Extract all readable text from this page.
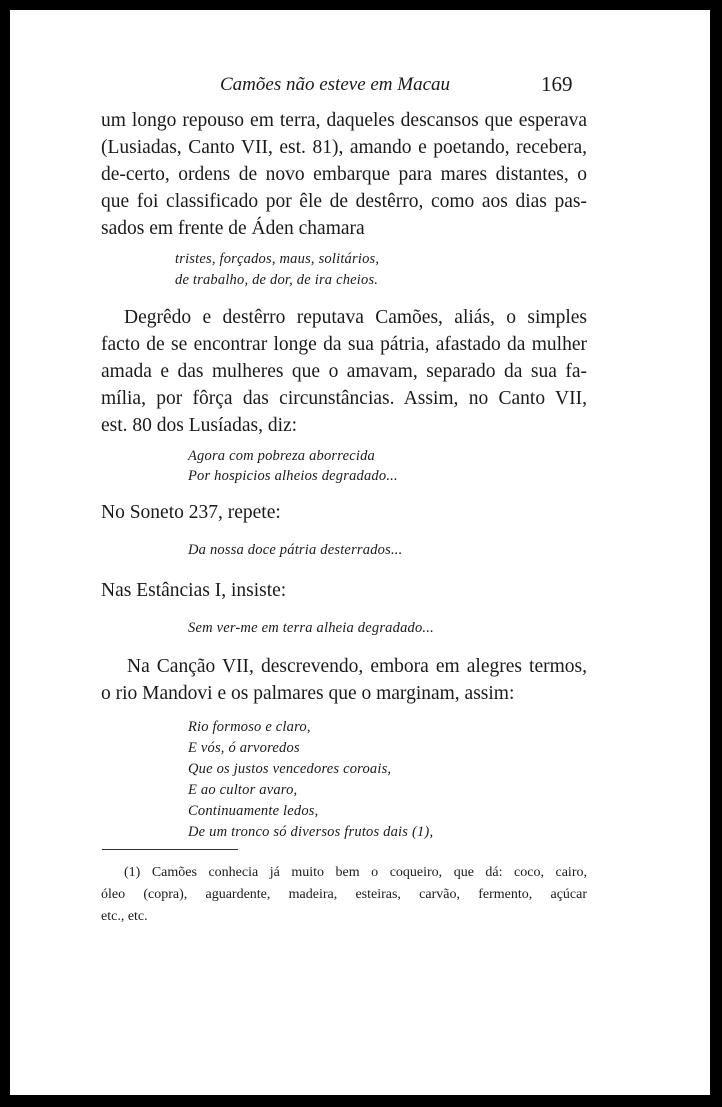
Camões não esteve em Macau	169
um longo repouso em terra, daqueles descansos que esperava
(Lusiadas, Canto VII, est. 81), amando e poetando, recebera,
de-certo, ordens de novo embarque para mares distantes, o
que foi classificado por êle de destêrro, como aos dias pas-
sados em frente de Áden chamara
tristes, forçados, maus, solitários,
de trabalho, de dor, de ira cheios.
Degrêdo e destêrro reputava Camões, aliás, o simples
facto de se encontrar longe da sua pátria, afastado da mulher
amada e das mulheres que o amavam, separado da sua fa-
mília, por fôrça das circunstâncias. Assim, no Canto VII,
est. 80 dos Lusíadas, diz:
Agora com pobreza aborrecida
Por hospicios alheios degradado...
No Soneto 237, repete:
Da nossa doce pátria desterrados...
Nas Estâncias I, insiste:
Sem ver-me em terra alheia degradado...
Na Canção VII, descrevendo, embora em alegres termos,
o rio Mandovi e os palmares que o marginam, assim:
Rio formoso e claro,
E vós, ó arvoredos
Que os justos vencedores coroais,
E ao cultor avaro,
Continuamente ledos,
De um tronco só diversos frutos dais (1),
(1) Camões conhecia já muito bem o coqueiro, que dá: coco, cairo,
óleo (copra), aguardente, madeira, esteiras, carvão, fermento, açúcar
etc., etc.
